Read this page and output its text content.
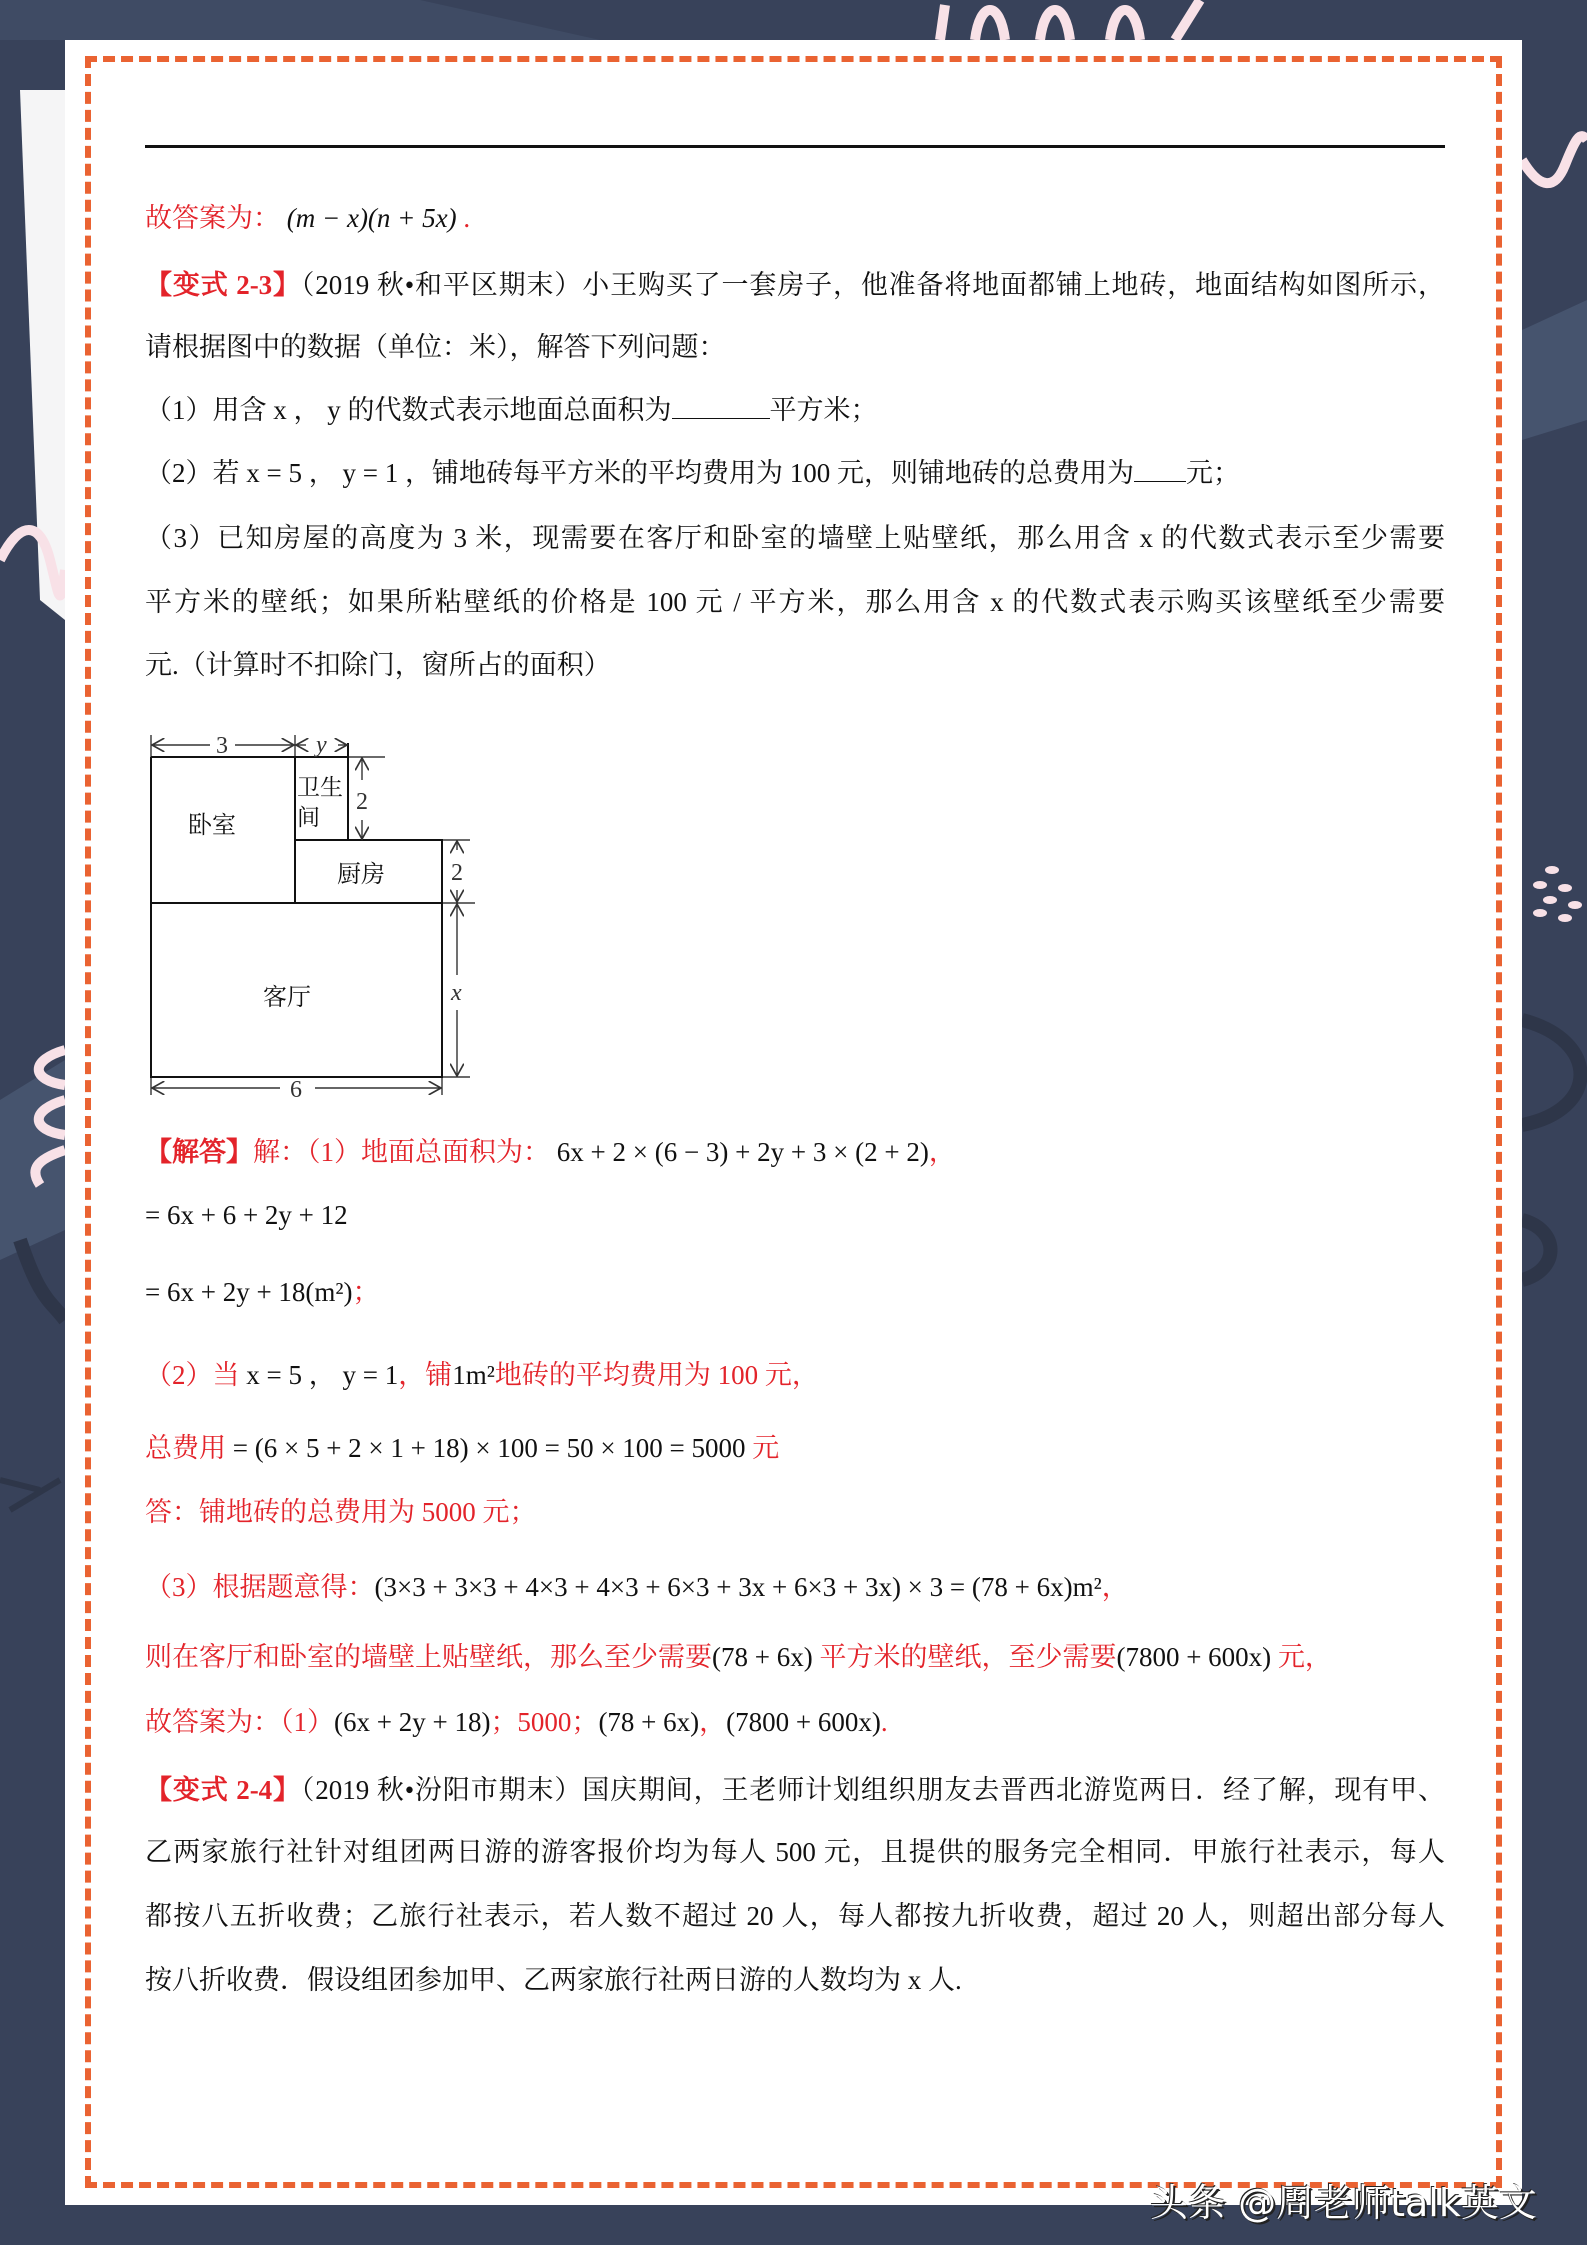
故答案为： (m − x)(n + 5x) .
【变式 2-3】（2019 秋•和平区期末）小王购买了一套房子，他准备将地面都铺上地砖，地面结构如图所示，
请根据图中的数据（单位：米），解答下列问题：
（1）用含 x ， y 的代数式表示地面总面积为	平方米；
（2）若 x = 5 ， y = 1 ，铺地砖每平方米的平均费用为 100 元，则铺地砖的总费用为 元；
（3）已知房屋的高度为 3 米，现需要在客厅和卧室的墙壁上贴壁纸，那么用含 x 的代数式表示至少需要
平方米的壁纸；如果所粘壁纸的价格是 100 元 / 平方米，那么用含 x 的代数式表示购买该壁纸至少需要
元.（计算时不扣除门，窗所占的面积）
卧室
卫生
间
厨房
客厅
3	y
2
2
x
6
【解答】解：（1）地面总面积为： 6x + 2 × (6 − 3) + 2y + 3 × (2 + 2)，
= 6x + 6 + 2y + 12
= 6x + 2y + 18(m²)；
（2）当 x = 5 ， y = 1，铺1m²地砖的平均费用为 100 元，
总费用 = (6 × 5 + 2 × 1 + 18) × 100 = 50 × 100 = 5000 元
答：铺地砖的总费用为 5000 元；
（3）根据题意得：(3×3 + 3×3 + 4×3 + 4×3 + 6×3 + 3x + 6×3 + 3x) × 3 = (78 + 6x)m²，
则在客厅和卧室的墙壁上贴壁纸，那么至少需要(78 + 6x) 平方米的壁纸，至少需要(7800 + 600x) 元，
故答案为：（1）(6x + 2y + 18)；5000；(78 + 6x)，(7800 + 600x).
【变式 2-4】（2019 秋•汾阳市期末）国庆期间，王老师计划组织朋友去晋西北游览两日．经了解，现有甲、
乙两家旅行社针对组团两日游的游客报价均为每人 500 元，且提供的服务完全相同．甲旅行社表示，每人
都按八五折收费；乙旅行社表示，若人数不超过 20 人，每人都按九折收费，超过 20 人，则超出部分每人
按八折收费．假设组团参加甲、乙两家旅行社两日游的人数均为 x 人.
头条 @周老师talk英文
